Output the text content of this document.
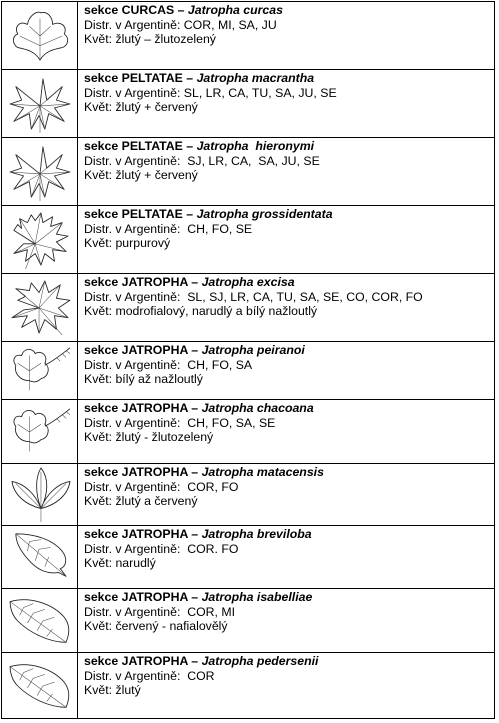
sekce CURCAS – Jatropha curcas
Distr. v Argentině: COR, MI, SA, JU
Květ: žlutý – žlutozelený
sekce PELTATAE – Jatropha macrantha
Distr. v Argentině: SL, LR, CA, TU, SA, JU, SE
Květ: žlutý + červený
sekce PELTATAE – Jatropha  hieronymi
Distr. v Argentině:  SJ, LR, CA,  SA, JU, SE
Květ: žlutý + červený
sekce PELTATAE – Jatropha grossidentata
Distr. v Argentině:  CH, FO, SE
Květ: purpurový
sekce JATROPHA – Jatropha excisa
Distr. v Argentině:  SL, SJ, LR, CA, TU, SA, SE, CO, COR, FO
Květ: modrofialový, narudlý a bílý nažloutlý
sekce JATROPHA – Jatropha peiranoi
Distr. v Argentině:  CH, FO, SA
Květ: bílý až nažloutlý
sekce JATROPHA – Jatropha chacoana
Distr. v Argentině:  CH, FO, SA, SE
Květ: žlutý - žlutozelený
sekce JATROPHA – Jatropha matacensis
Distr. v Argentině:  COR, FO
Květ: žlutý a červený
sekce JATROPHA – Jatropha breviloba
Distr. v Argentině:  COR. FO
Květ: narudlý
sekce JATROPHA – Jatropha isabelliae
Distr. v Argentině:  COR, MI
Květ: červený - nafialovělý
sekce JATROPHA – Jatropha pedersenii
Distr. v Argentině:  COR
Květ: žlutý
